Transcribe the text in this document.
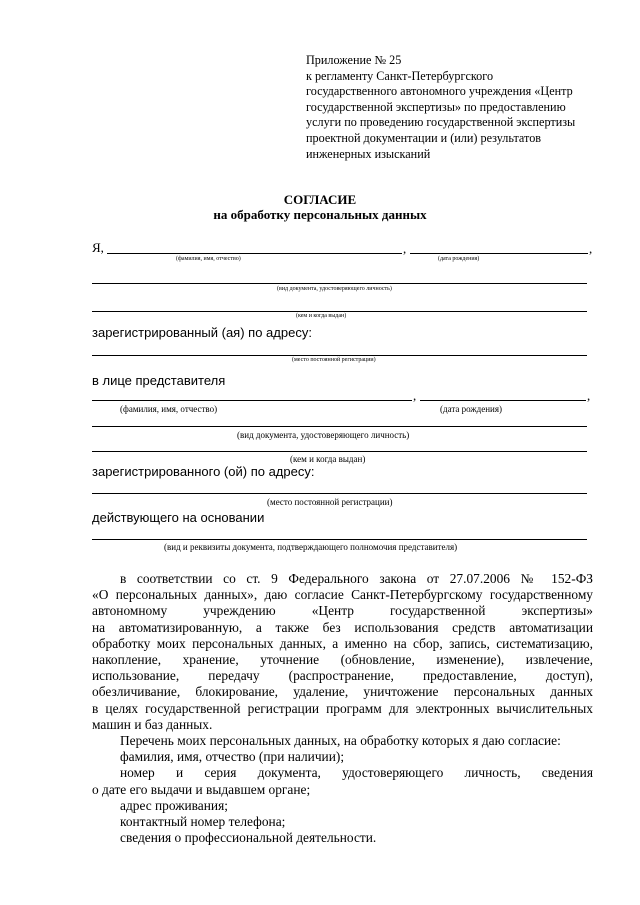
Приложение № 25
к регламенту Санкт-Петербургского
государственного автономного учреждения «Центр
государственной экспертизы» по предоставлению
услуги по проведению государственной экспертизы
проектной документации и (или) результатов
инженерных изысканий
СОГЛАСИЕ
на обработку персональных данных
Я,	,	,
(фамилия, имя, отчество)	(дата рождения)
(вид документа, удостоверяющего личность)
(кем и когда выдан)
зарегистрированный (ая) по адресу:
(место постоянной регистрации)
в лице представителя
,	,
(фамилия, имя, отчество)	(дата рождения)
(вид документа, удостоверяющего личность)
(кем и когда выдан)
зарегистрированного (ой) по адресу:
(место постоянной регистрации)
действующего на основании
(вид и реквизиты документа, подтверждающего полномочия представителя)
в соответствии со ст. 9 Федерального закона от 27.07.2006 № 152-ФЗ
«О персональных данных», даю согласие Санкт-Петербургскому государственному
автономному учреждению «Центр государственной экспертизы»
на автоматизированную, а также без использования средств автоматизации
обработку моих персональных данных, а именно на сбор, запись, систематизацию,
накопление, хранение, уточнение (обновление, изменение), извлечение,
использование, передачу (распространение, предоставление, доступ),
обезличивание, блокирование, удаление, уничтожение персональных данных
в целях государственной регистрации программ для электронных вычислительных
машин и баз данных.
Перечень моих персональных данных, на обработку которых я даю согласие:
фамилия, имя, отчество (при наличии);
номер и серия документа, удостоверяющего личность, сведения
о дате его выдачи и выдавшем органе;
адрес проживания;
контактный номер телефона;
сведения о профессиональной деятельности.
